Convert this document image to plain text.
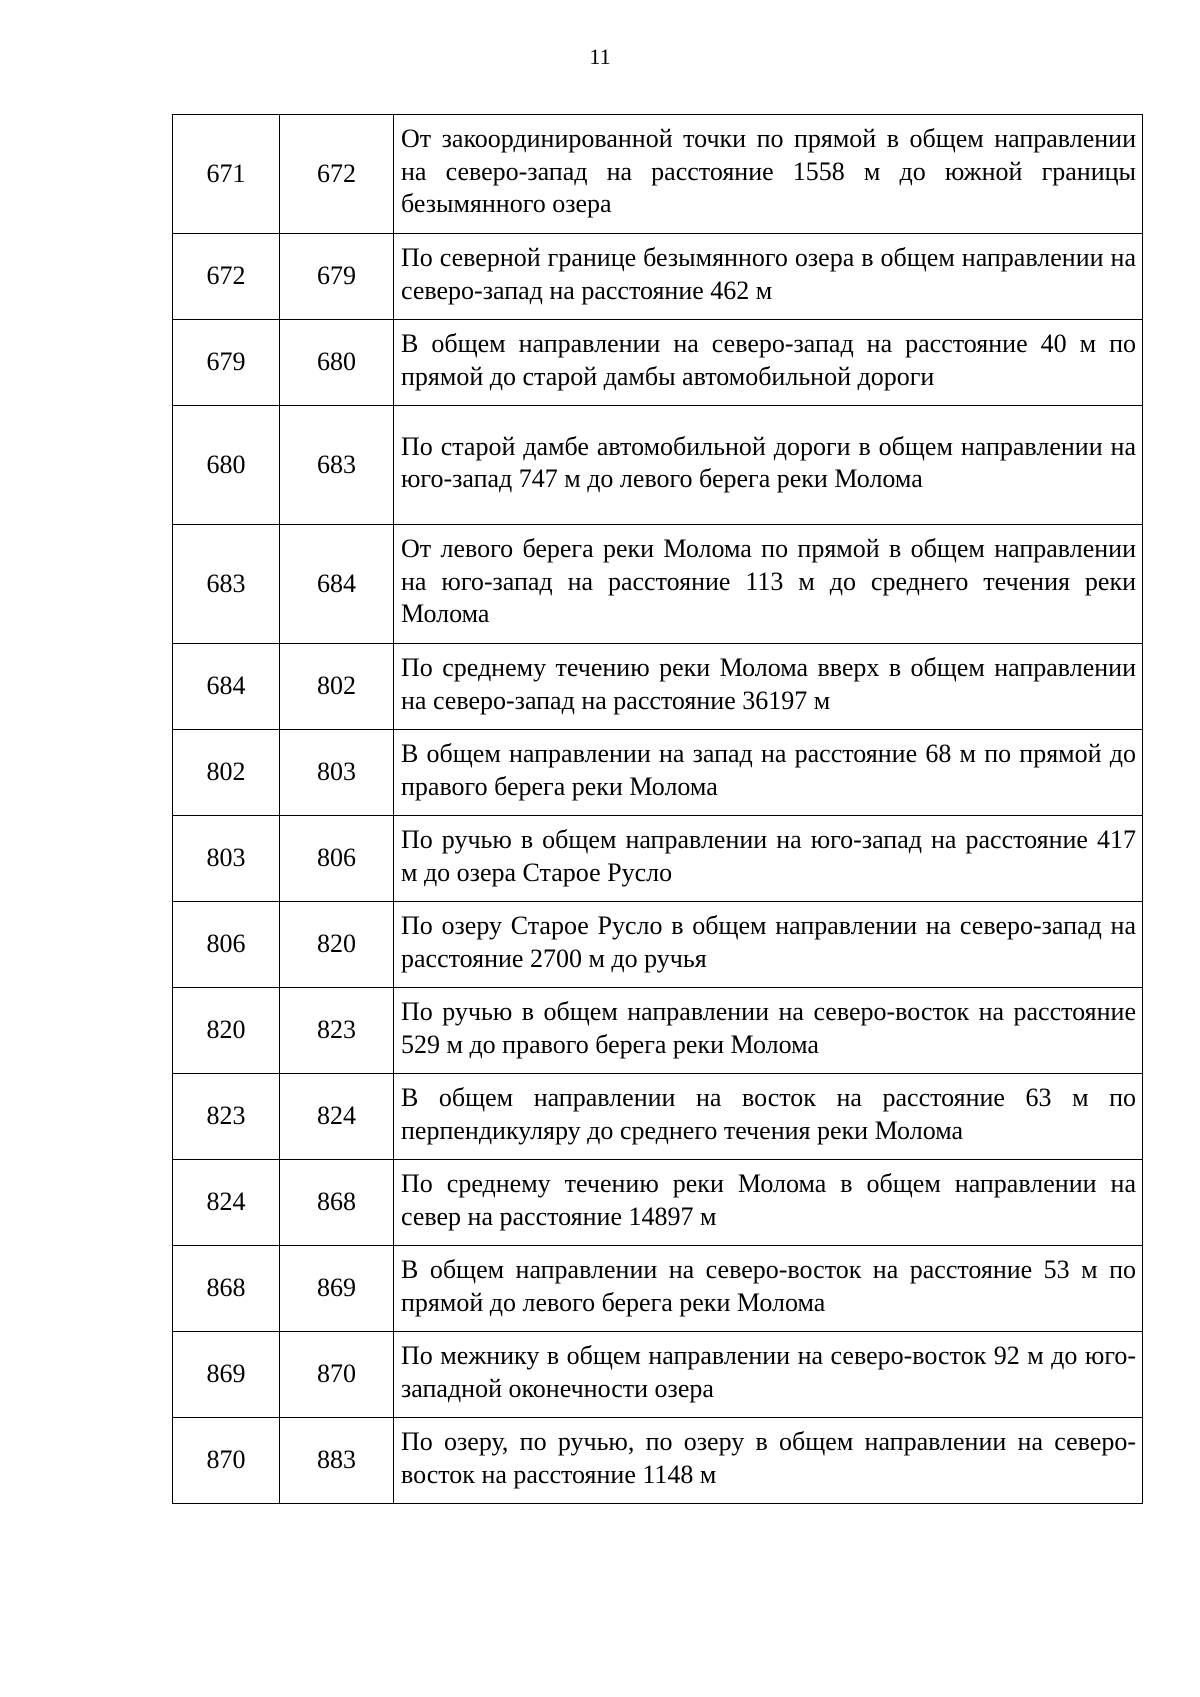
11
671	672	От закоординированной точки по прямой в общем направлении на северо-запад на расстояние 1558 м до южной границы безымянного озера
672	679	По северной границе безымянного озера в общем направлении на северо-запад на расстояние 462 м
679	680	В общем направлении на северо-запад на расстояние 40 м по прямой до старой дамбы автомобильной дороги
680	683	По старой дамбе автомобильной дороги в общем направлении на юго-запад 747 м до левого берега реки Молома
683	684	От левого берега реки Молома по прямой в общем направлении на юго-запад на расстояние 113 м до среднего течения реки Молома
684	802	По среднему течению реки Молома вверх в общем направлении на северо-запад на расстояние 36197 м
802	803	В общем направлении на запад на расстояние 68 м по прямой до правого берега реки Молома
803	806	По ручью в общем направлении на юго-запад на расстояние 417 м до озера Старое Русло
806	820	По озеру Старое Русло в общем направлении на северо-запад на расстояние 2700 м до ручья
820	823	По ручью в общем направлении на северо-восток на расстояние 529 м до правого берега реки Молома
823	824	В общем направлении на восток на расстояние 63 м по перпендикуляру до среднего течения реки Молома
824	868	По среднему течению реки Молома в общем направлении на север на расстояние 14897 м
868	869	В общем направлении на северо-восток на расстояние 53 м по прямой до левого берега реки Молома
869	870	По межнику в общем направлении на северо-восток 92 м до юго-западной оконечности озера
870	883	По озеру, по ручью, по озеру в общем направлении на северо-восток на расстояние 1148 м
